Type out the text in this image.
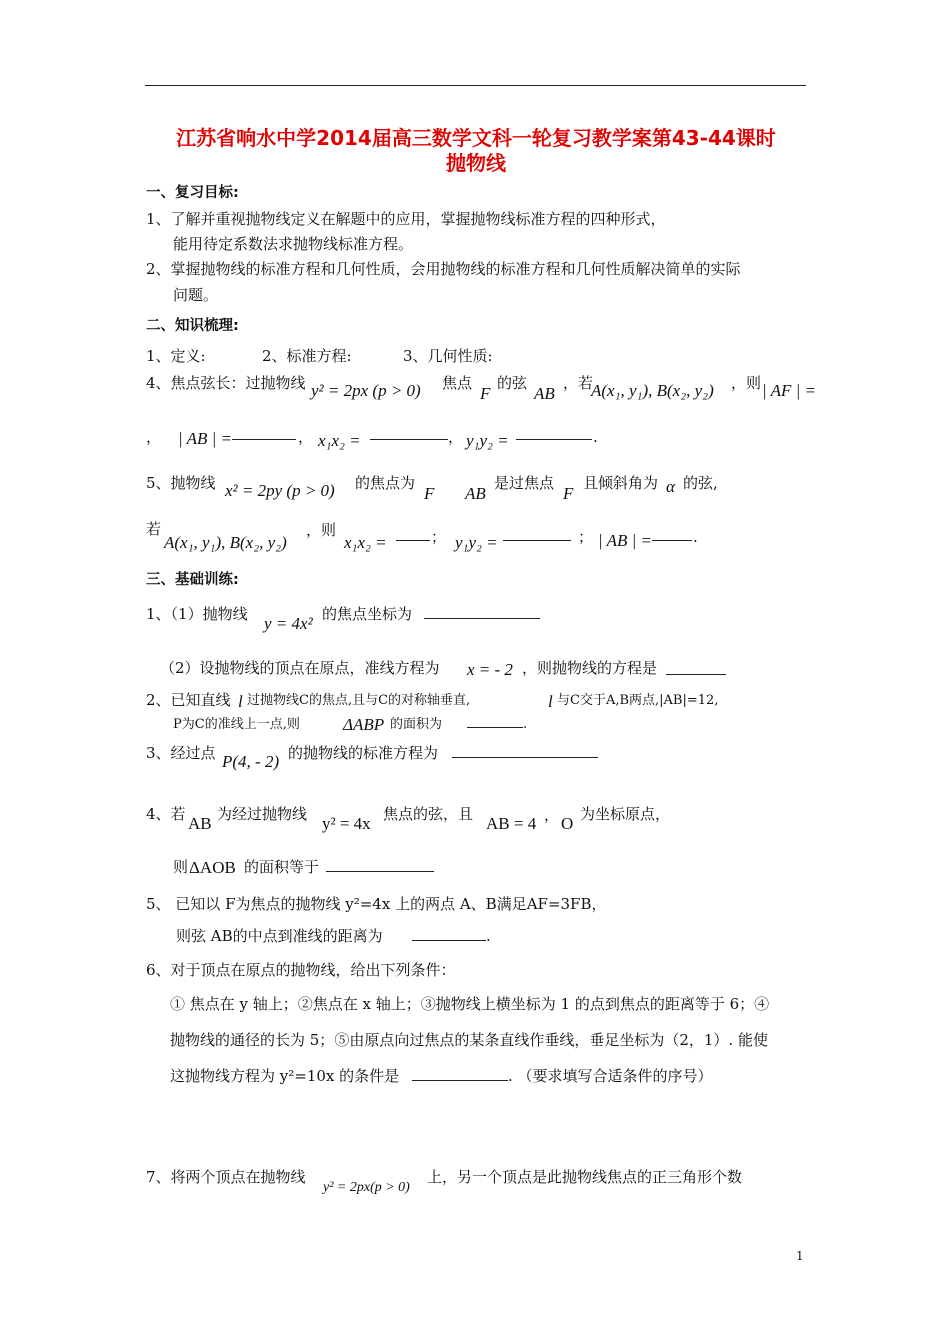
江苏省响水中学2014届高三数学文科一轮复习教学案第43-44课时
抛物线
一、复习目标:
1、了解并重视抛物线定义在解题中的应用，掌握抛物线标准方程的四种形式，
能用待定系数法求抛物线标准方程。
2、掌握抛物线的标准方程和几何性质，会用抛物线的标准方程和几何性质解决简单的实际
问题。
二、知识梳理:
1、定义:	2、标准方程:	3、几何性质:
4、焦点弦长：过抛物线 y² = 2px (p > 0) 焦点
F
的弦
AB
，若
A(x₁, y₁), B(x₂, y₂) ，则 | AF | =
， | AB | =	， x₁x₂ =	， y₁y₂ =	.
5、抛物线 x² = 2py (p > 0) 的焦点为
F AB
是过焦点
F
且倾斜角为 α 的弦,
若
A(x₁, y₁), B(x₂, y₂)
，则
x₁x₂ =	； y₁y₂ =	； | AB | =	.
三、基础训练:
1、（1）抛物线 y = 4x² 的焦点坐标为
（2）设抛物线的顶点在原点，准线方程为 x = - 2 ，则抛物线的方程是
2、已知直线 l 过抛物线C的焦点,且与C的对称轴垂直,	l 与C交于A,B两点,|AB|=12,
P为C的准线上一点,则	ΔABP 的面积为	.
3、经过点 P(4, - 2) 的抛物线的标准方程为
4、若 AB 为经过抛物线 y² = 4x 焦点的弦，且 AB = 4 ， O 为坐标原点，
则 ΔAOB 的面积等于
5、 已知以 F为焦点的抛物线 y²=4x 上的两点 A、B满足AF=3FB，
则弦 AB的中点到准线的距离为	.
6、对于顶点在原点的抛物线，给出下列条件：
① 焦点在 y 轴上；②焦点在 x 轴上；③抛物线上横坐标为 1 的点到焦点的距离等于 6；④
抛物线的通径的长为 5；⑤由原点向过焦点的某条直线作垂线，垂足坐标为（2，1）. 能使
这抛物线方程为 y²=10x 的条件是	. （要求填写合适条件的序号）
7、将两个顶点在抛物线
y² = 2px(p > 0)
上，另一个顶点是此抛物线焦点的正三角形个数
1
